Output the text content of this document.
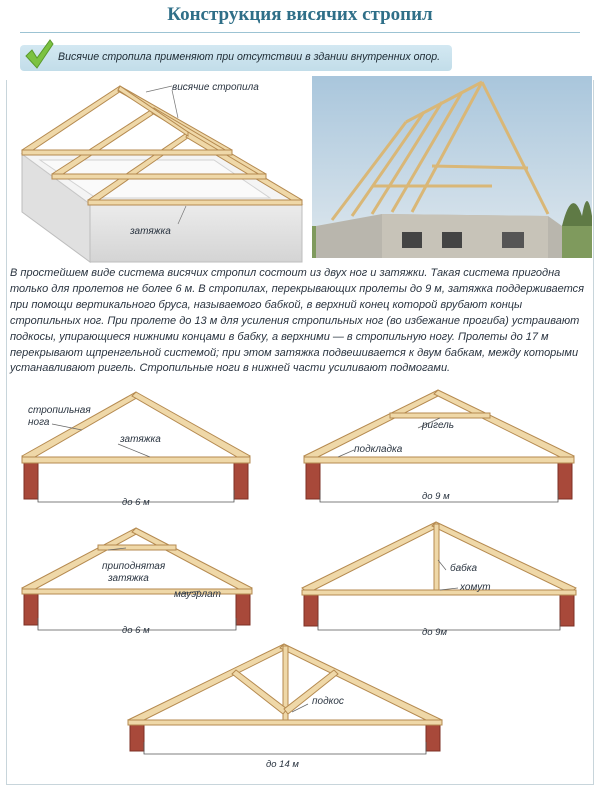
Конструкция висячих стропил
Висячие стропила применяют при отсутствии в здании внутренних опор.
висячие стропила
затяжка

В простейшем виде система висячих стропил состоит из двух ног и затяжки. Такая система пригодна только для пролетов не более 6 м. В стропилах, перекрывающих пролеты до 9 м, затяжка поддерживается при помощи вертикального бруса, называемого бабкой, в верхний конец которой врубают концы стропильных ног. При пролете до 13 м для усиления стропильных ног (во избежание прогиба) устраивают подкосы, упирающиеся нижними концами в бабку, а верхними — в стропильную ногу. Пролеты до 17 м перекрывают щпренгельной системой; при этом затяжка подвешивается к двум бабкам, между которыми устанавливают ригель. Стропильные ноги в нижней части усиливают подмогами.

до 6 м
до 9 м
до 6 м	до 9м
до 14 м
стропильная
нога
затяжка
ригель
подкладка
приподнятая
затяжка
мауэрлат
бабка
хомут
подкос
